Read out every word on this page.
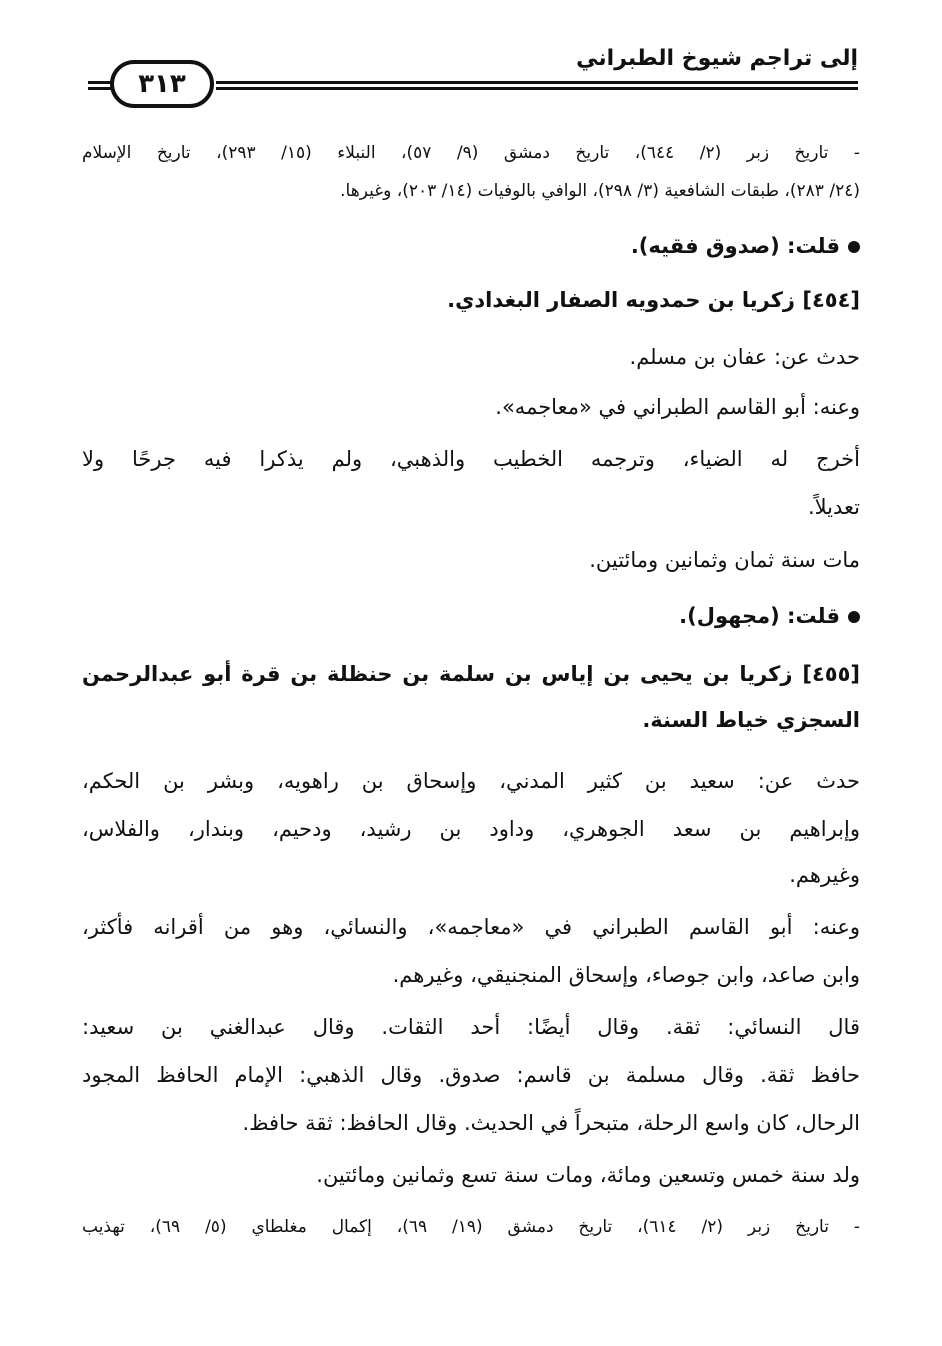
إلى تراجم شيوخ الطبراني
٣١٣
- تاريخ زبر (٢/ ٦٤٤)، تاريخ دمشق (٩/ ٥٧)، النبلاء (١٥/ ٢٩٣)، تاريخ الإسلام
(٢٤/ ٢٨٣)، طبقات الشافعية (٣/ ٢٩٨)، الوافي بالوفيات (١٤/ ٢٠٣)، وغيرها.
قلت: (صدوق فقيه).
[٤٥٤] زكريا بن حمدويه الصفار البغدادي.
حدث عن: عفان بن مسلم.
وعنه: أبو القاسم الطبراني في «معاجمه».
أخرج له الضياء، وترجمه الخطيب والذهبي، ولم يذكرا فيه جرحًا ولا
تعديلاً.
مات سنة ثمان وثمانين ومائتين.
قلت: (مجهول).
[٤٥٥] زكريا بن يحيى بن إياس بن سلمة بن حنظلة بن قرة أبو عبدالرحمن
السجزي خياط السنة.
حدث عن: سعيد بن كثير المدني، وإسحاق بن راهويه، وبشر بن الحكم،
وإبراهيم بن سعد الجوهري، وداود بن رشيد، ودحيم، وبندار، والفلاس،
وغيرهم.
وعنه: أبو القاسم الطبراني في «معاجمه»، والنسائي، وهو من أقرانه فأكثر،
وابن صاعد، وابن جوصاء، وإسحاق المنجنيقي، وغيرهم.
قال النسائي: ثقة. وقال أيضًا: أحد الثقات. وقال عبدالغني بن سعيد:
حافظ ثقة. وقال مسلمة بن قاسم: صدوق. وقال الذهبي: الإمام الحافظ المجود
الرحال، كان واسع الرحلة، متبحراً في الحديث. وقال الحافظ: ثقة حافظ.
ولد سنة خمس وتسعين ومائة، ومات سنة تسع وثمانين ومائتين.
- تاريخ زبر (٢/ ٦١٤)، تاريخ دمشق (١٩/ ٦٩)، إكمال مغلطاي (٥/ ٦٩)، تهذيب
